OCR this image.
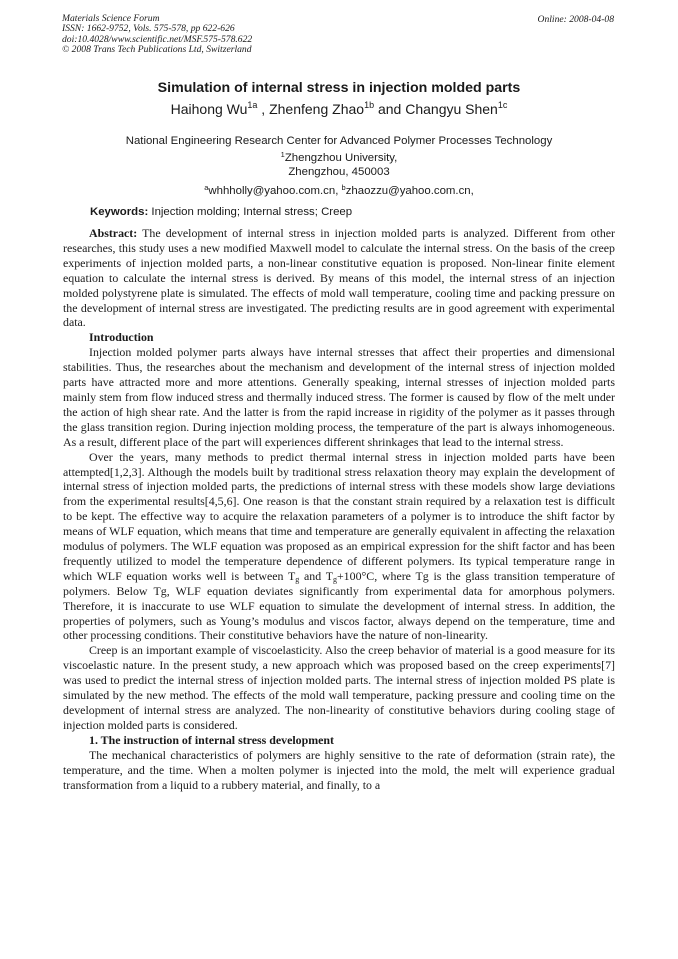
Materials Science Forum
ISSN: 1662-9752, Vols. 575-578, pp 622-626
doi:10.4028/www.scientific.net/MSF.575-578.622
© 2008 Trans Tech Publications Ltd, Switzerland
Online: 2008-04-08
Simulation of internal stress in injection molded parts
Haihong $Wu^{1a}$ , Zhenfeng Zhao$^{1b}$ and Changyu Shen$^{1c}$
National Engineering Research Center for Advanced Polymer Processes Technology
$^1$Zhengzhou University,
Zhengzhou, 450003
$^a$whhholly@yahoo.com.cn, $^b$zhaozzu@yahoo.com.cn,
Keywords: Injection molding; Internal stress; Creep

Abstract: The development of internal stress in injection molded parts is analyzed. Different from other researches, this study uses a new modified Maxwell model to calculate the internal stress. On the basis of the creep experiments of injection molded parts, a non-linear constitutive equation is proposed. Non-linear finite element equation to calculate the internal stress is derived. By means of this model, the internal stress of an injection molded polystyrene plate is simulated. The effects of mold wall temperature, cooling time and packing pressure on the development of internal stress are investigated. The predicting results are in good agreement with experimental data.

Introduction

Injection molded polymer parts always have internal stresses that affect their properties and dimensional stabilities. Thus, the researches about the mechanism and development of the internal stress of injection molded parts have attracted more and more attentions. Generally speaking, internal stresses of injection molded parts mainly stem from flow induced stress and thermally induced stress. The former is caused by flow of the melt under the action of high shear rate. And the latter is from the rapid increase in rigidity of the polymer as it passes through the glass transition region. During injection molding process, the temperature of the part is always inhomogeneous. As a result, different place of the part will experiences different shrinkages that lead to the internal stress.

Over the years, many methods to predict thermal internal stress in injection molded parts have been attempted[1,2,3]. Although the models built by traditional stress relaxation theory may explain the development of internal stress of injection molded parts, the predictions of internal stress with these models show large deviations from the experimental results[4,5,6]. One reason is that the constant strain required by a relaxation test is difficult to be kept. The effective way to acquire the relaxation parameters of a polymer is to introduce the shift factor by means of WLF equation, which means that time and temperature are generally equivalent in affecting the relaxation modulus of polymers. The WLF equation was proposed as an empirical expression for the shift factor and has been frequently utilized to model the temperature dependence of different polymers. Its typical temperature range in which WLF equation works well is between $T_g$ and $T_g+100^\circ C$, where Tg is the glass transition temperature of polymers. Below Tg, WLF equation deviates significantly from experimental data for amorphous polymers. Therefore, it is inaccurate to use WLF equation to simulate the development of internal stress. In addition, the properties of polymers, such as Young’s modulus and viscos factor, always depend on the temperature, time and other processing conditions. Their constitutive behaviors have the nature of non-linearity.

Creep is an important example of viscoelasticity. Also the creep behavior of material is a good measure for its viscoelastic nature. In the present study, a new approach which was proposed based on the creep experiments[7] was used to predict the internal stress of injection molded parts. The internal stress of injection molded PS plate is simulated by the new method. The effects of the mold wall temperature, packing pressure and cooling time on the development of internal stress are analyzed. The non-linearity of constitutive behaviors during cooling stage of injection molded parts is considered.

1. The instruction of internal stress development

The mechanical characteristics of polymers are highly sensitive to the rate of deformation (strain rate), the temperature, and the time. When a molten polymer is injected into the mold, the melt will experience gradual transformation from a liquid to a rubbery material, and finally, to a
